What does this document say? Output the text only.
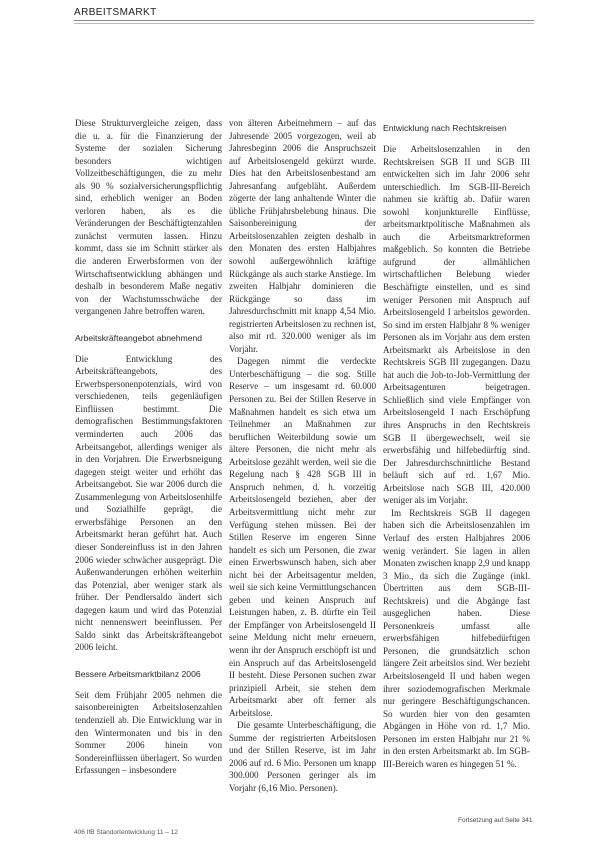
ARBEITSMARKT

Diese Strukturvergleiche zeigen, dass die u. a. für die Finanzierung der Systeme der sozialen Sicherung besonders wichtigen Vollzeitbeschäftigungen, die zu mehr als 90 % sozialversicherungspflichtig sind, erheblich weniger an Boden verloren haben, als es die Veränderungen der Beschäftigtenzahlen zunächst vermuten lassen. Hinzu kommt, dass sie im Schnitt stärker als die anderen Erwerbsformen von der Wirtschaftsentwicklung abhängen und deshalb in besonderem Maße negativ von der Wachstumsschwäche der vergangenen Jahre betroffen waren.

Arbeitskräfteangebot abnehmend

Die Entwicklung des Arbeitskräfteangebots, des Erwerbspersonenpotenzials, wird von verschiedenen, teils gegenläufigen Einflüssen bestimmt. Die demografischen Bestimmungsfaktoren verminderten auch 2006 das Arbeitsangebot, allerdings weniger als in den Vorjahren. Die Erwerbsneigung dagegen steigt weiter und erhöht das Arbeitsangebot. Sie war 2006 durch die Zusammenlegung von Arbeitslosenhilfe und Sozialhilfe geprägt, die erwerbsfähige Personen an den Arbeitsmarkt heran geführt hat. Auch dieser Sondereinfluss ist in den Jahren 2006 wieder schwächer ausgeprägt. Die Außenwanderungen erhöhen weiterhin das Potenzial, aber weniger stark als früher. Der Pendlersaldo ändert sich dagegen kaum und wird das Potenzial nicht nennenswert beeinflussen. Per Saldo sinkt das Arbeitskräfteangebot 2006 leicht.

Bessere Arbeitsmarktbilanz 2006

Seit dem Frühjahr 2005 nehmen die saisonbereinigten Arbeitslosenzahlen tendenziell ab. Die Entwicklung war in den Wintermonaten und bis in den Sommer 2006 hinein von Sondereinflüssen überlagert. So wurden Erfassungen – insbesondere

von älteren Arbeitnehmern – auf das Jahresende 2005 vorgezogen, weil ab Jahresbeginn 2006 die Anspruchszeit auf Arbeitslosengeld gekürzt wurde. Dies hat den Arbeitslosenbestand am Jahresanfang aufgebläht. Außerdem zögerte der lang anhaltende Winter die übliche Frühjahrsbelebung hinaus. Die Saisonbereinigung der Arbeitslosenzahlen zeigten deshalb in den Monaten des ersten Halbjahres sowohl außergewöhnlich kräftige Rückgänge als auch starke Anstiege. Im zweiten Halbjahr dominieren die Rückgänge so dass im Jahresdurchschnitt mit knapp 4,54 Mio. registrierten Arbeitslosen zu rechnen ist, also mit rd. 320.000 weniger als im Vorjahr.

Dagegen nimmt die verdeckte Unterbeschäftigung – die sog. Stille Reserve – um insgesamt rd. 60.000 Personen zu. Bei der Stillen Reserve in Maßnahmen handelt es sich etwa um Teilnehmer an Maßnahmen zur beruflichen Weiterbildung sowie um ältere Personen, die nicht mehr als Arbeitslose gezählt werden, weil sie die Regelung nach § 428 SGB III in Anspruch nehmen, d. h. vorzeitig Arbeitslosengeld beziehen, aber der Arbeitsvermittlung nicht mehr zur Verfügung stehen müssen. Bei der Stillen Reserve im engeren Sinne handelt es sich um Personen, die zwar einen Erwerbswunsch haben, sich aber nicht bei der Arbeitsagentur melden, weil sie sich keine Vermittlungschancen geben und keinen Anspruch auf Leistungen haben, z. B. dürfte ein Teil der Empfänger von Arbeitslosengeld II seine Meldung nicht mehr erneuern, wenn ihr der Anspruch erschöpft ist und ein Anspruch auf das Arbeitslosengeld II besteht. Diese Personen suchen zwar prinzipiell Arbeit, sie stehen dem Arbeitsmarkt aber oft ferner als Arbeitslose.

Die gesamte Unterbeschäftigung, die Summe der registrierten Arbeitslosen und der Stillen Reserve, ist im Jahr 2006 auf rd. 6 Mio. Personen um knapp 300.000 Personen geringer als im Vorjahr (6,16 Mio. Personen).

Entwicklung nach Rechtskreisen

Die Arbeitslosenzahlen in den Rechtskreisen SGB II und SGB III entwickelten sich im Jahr 2006 sehr unterschiedlich. Im SGB-III-Bereich nahmen sie kräftig ab. Dafür waren sowohl konjunkturelle Einflüsse, arbeitsmarktpolitische Maßnahmen als auch die Arbeitsmarktreformen maßgeblich. So konnten die Betriebe aufgrund der allmählichen wirtschaftlichen Belebung wieder Beschäftigte einstellen, und es sind weniger Personen mit Anspruch auf Arbeitslosengeld I arbeitslos geworden. So sind im ersten Halbjahr 8 % weniger Personen als im Vorjahr aus dem ersten Arbeitsmarkt als Arbeitslose in den Rechtskreis SGB III zugegangen. Dazu hat auch die Job-to-Job-Vermittlung der Arbeitsagenturen beigetragen. Schließlich sind viele Empfänger von Arbeitslosengeld I nach Erschöpfung ihres Anspruchs in den Rechtskreis SGB II übergewechselt, weil sie erwerbsfähig und hilfebedürftig sind. Der Jahresdurchschnittliche Bestand beläuft sich auf rd. 1,67 Mio. Arbeitslose nach SGB III, 420.000 weniger als im Vorjahr.

Im Rechtskreis SGB II dagegen haben sich die Arbeitslosenzahlen im Verlauf des ersten Halbjahres 2006 wenig verändert. Sie lagen in allen Monaten zwischen knapp 2,9 und knapp 3 Mio., da sich die Zugänge (inkl. Übertritten aus dem SGB-III-Rechtskreis) und die Abgänge fast ausgeglichen haben. Diese Personenkreis umfasst alle erwerbsfähigen hilfebedürftigen Personen, die grundsätzlich schon längere Zeit arbeitslos sind. Wer bezieht Arbeitslosengeld II und haben wegen ihrer soziodemografischen Merkmale nur geringere Beschäftigungschancen. So wurden hier von den gesamten Abgängen in Höhe von rd. 1,7 Mio. Personen im ersten Halbjahr nur 21 % in den ersten Arbeitsmarkt ab. Im SGB-III-Bereich waren es hingegen 51 %.

Fortsetzung auf Seite 341
406 IfB Standortentwicklung 11 – 12
